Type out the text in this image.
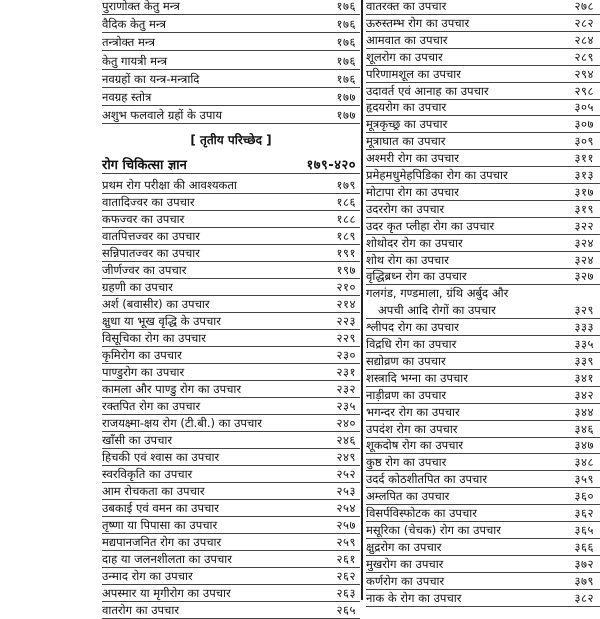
पुराणोक्त केतु मन्त्र	१७६
वैदिक केतु मन्त्र	१७६
तन्त्रोक्त मन्त्र	१७६
केतु गायत्री मन्त्र	१७६
नवग्रहों का यन्त्र-मन्त्रादि	१७६
नवग्रह स्तोत्र	१७७
अशुभ फलवाले ग्रहों के उपाय	१७७
[ तृतीय परिच्छेद ]
रोग चिकित्सा ज्ञान	१७९-४२०
प्रथम रोग परीक्षा की आवश्यकता	१७९
वातादिज्वर का उपचार	१८६
कफज्वर का उपचार	१८८
वातपित्तज्वर का उपचार	१८९
सन्निपातज्वर का उपचार	१९१
जीर्णज्वर का उपचार	१९७
ग्रहणी का उपचार	२१०
अर्श (बवासीर) का उपचार	२१४
क्षुधा या भूख वृद्धि के उपचार	२२३
विसूचिका रोग का उपचार	२२९
कृमिरोग का उपचार	२३०
पाण्डुरोग का उपचार	२३१
कामला और पाण्डु रोग का उपचार	२३२
रक्तपित रोग का उपचार	२३५
राजयक्ष्मा-क्षय रोग (टी.बी.) का उपचार	२४०
खाँसी का उपचार	२४६
हिचकी एवं श्वास का उपचार	२४९
स्वरविकृति का उपचार	२५२
आम रोचकता का उपचार	२५३
उबकाई एवं वमन का उपचार	२५४
तृष्णा या पिपासा का उपचार	२५७
मद्यपानजनित रोग का उपचार	२५९
दाह या जलनशीलता का उपचार	२६१
उन्माद रोग का उपचार	२६२
अपस्मार या मृगीरोग का उपचार	२६३
वातरोग का उपचार	२६५
वातरक्त का उपचार	२७८
ऊरुस्तम्भ रोग का उपचार	२८२
आमवात का उपचार	२८४
शूलरोग का उपचार	२८९
परिणामशूल का उपचार	२९४
उदावर्त एवं आनाह का उपचार	२९८
हृदयरोग का उपचार	३०५
मूत्रकृच्छ्र का उपचार	३०७
मूत्राघात का उपचार	३०९
अश्मरी रोग का उपचार	३११
प्रमेहमधुमेहपिडिका रोग का उपचार	३१३
मोटापा रोग का उपचार	३१७
उदररोग का उपचार	३१९
उदर कृत प्लीहा रोग का उपचार	३२२
शोथोदर रोग का उपचार	३२४
शोथ रोग का उपचार	३२४
वृद्धिब्रध्न रोग का उपचार	३२७
गलगंड, गण्डमाला, ग्रंथि अर्बुद और
अपची आदि रोगों का उपचार	३२९
श्लीपद रोग का उपचार	३३३
विद्रधि रोग का उपचार	३३५
सद्योव्रण का उपचार	३३९
शस्त्रादि भग्ना का उपचार	३४१
नाड़ीव्रण का उपचार	३४२
भगन्दर रोग का उपचार	३४४
उपदंश रोग का उपचार	३४६
शूकदोष रोग का उपचार	३४७
कुष्ठ रोग का उपचार	३४८
उदर्द कोठशीतपित का उपचार	३५९
अम्लपित का उपचार	३६०
विसर्पविस्फोटक का उपचार	३६२
मसूरिका (चेचक) रोग का उपचार	३६५
क्षुद्ररोग का उपचार	३६६
मुखरोग का उपचार	३७२
कर्णरोग का उपचार	३७९
नाक के रोग का उपचार	३८२
